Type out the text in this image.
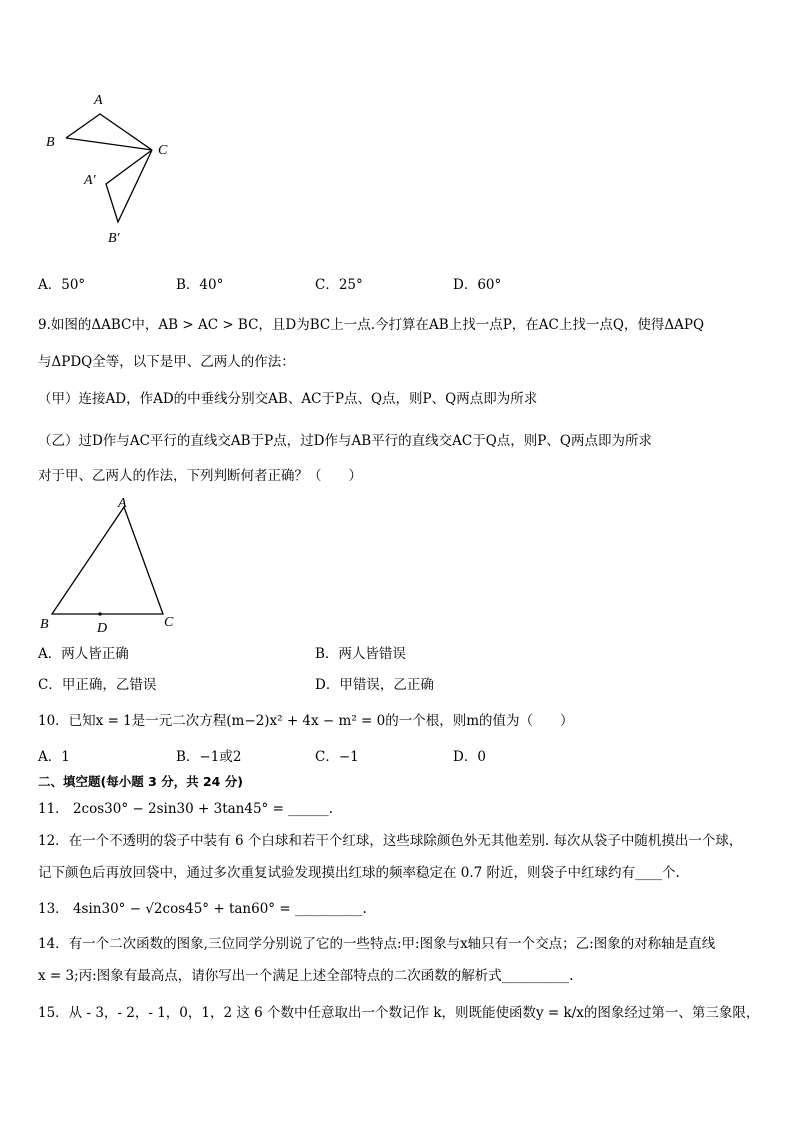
A
B
C
A′
B′
A．50°	B．40°	C．25°	D．60°
9.如图的ΔABC中，AB > AC > BC，且D为BC上一点.今打算在AB上找一点P，在AC上找一点Q，使得ΔAPQ
与ΔPDQ全等，以下是甲、乙两人的作法：
（甲）连接AD，作AD的中垂线分别交AB、AC于P点、Q点，则P、Q两点即为所求
（乙）过D作与AC平行的直线交AB于P点，过D作与AB平行的直线交AC于Q点，则P、Q两点即为所求
对于甲、乙两人的作法，下列判断何者正确？（　　）
A
B	C
D
A．两人皆正确	B．两人皆错误
C．甲正确，乙错误	D．甲错误，乙正确
10．已知x = 1是一元二次方程(m−2)x² + 4x − m² = 0的一个根，则m的值为（　　）
A．1	B．−1或2	C．−1	D．0
二、填空题(每小题 3 分，共 24 分)
11． 2cos30° − 2sin30 + 3tan45° = ______.
12．在一个不透明的袋子中装有 6 个白球和若干个红球，这些球除颜色外无其他差别. 每次从袋子中随机摸出一个球，
记下颜色后再放回袋中，通过多次重复试验发现摸出红球的频率稳定在 0.7 附近，则袋子中红球约有____个.
13． 4sin30° − √2cos45° + tan60° = __________.
14．有一个二次函数的图象,三位同学分别说了它的一些特点:甲:图象与x轴只有一个交点；乙:图象的对称轴是直线
x = 3;丙:图象有最高点，请你写出一个满足上述全部特点的二次函数的解析式__________.
15．从 - 3，- 2，- 1，0，1，2 这 6 个数中任意取出一个数记作 k，则既能使函数y = k/x的图象经过第一、第三象限，
